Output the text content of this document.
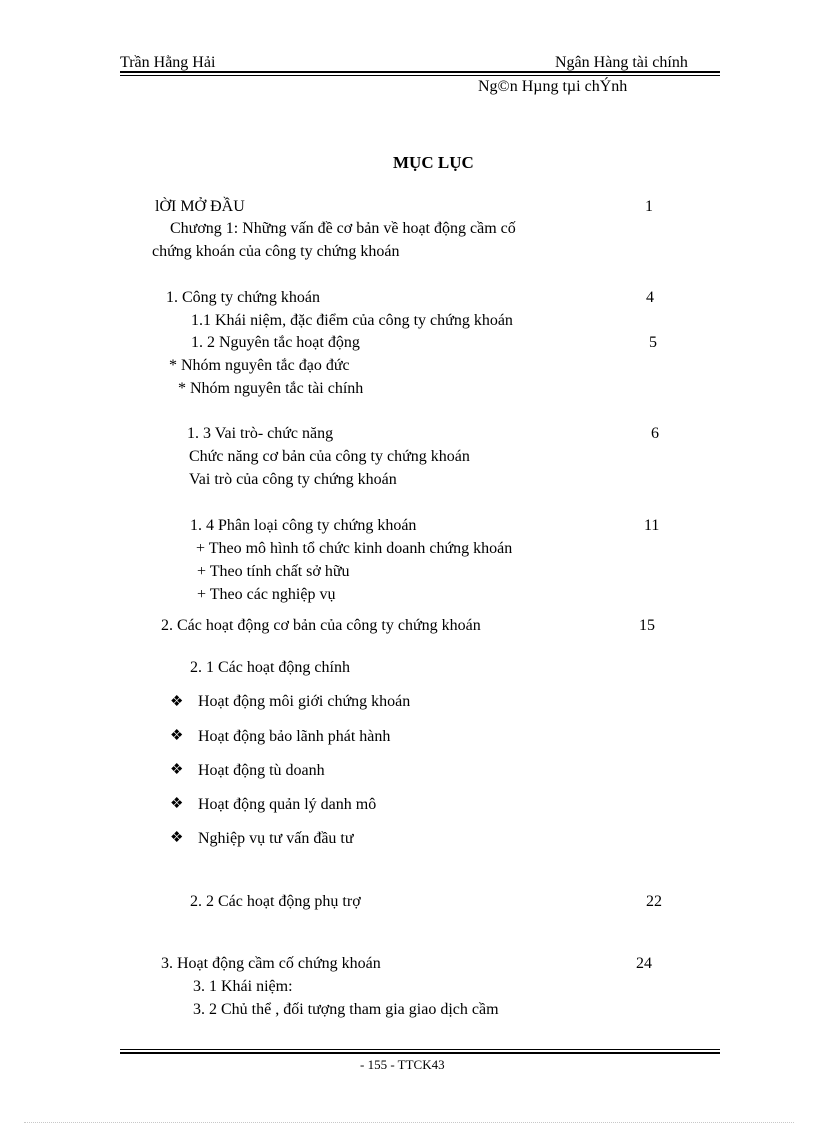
Trần Hằng Hải	Ngân Hàng tài chính
Ng©n Hµng tµi chÝnh
MỤC LỤC
lỜI MỞ ĐẦU	1
Chương 1: Những vấn đề cơ bản về hoạt động cầm cố
chứng khoán của công ty chứng khoán
1. Công ty chứng khoán	4
1.1 Khái niệm, đặc điểm của công ty chứng khoán
1. 2 Nguyên tắc hoạt động	5
* Nhóm nguyên tắc đạo đức
* Nhóm nguyên tắc tài chính
1. 3 Vai trò- chức năng	6
Chức năng cơ bản của công ty chứng khoán
Vai trò của công ty chứng khoán
1. 4 Phân loại công ty chứng khoán	11
+ Theo mô hình tổ chức kinh doanh chứng khoán
+ Theo tính chất sở hữu
+ Theo các nghiệp vụ
2. Các hoạt động cơ bản của công ty chứng khoán	15
2. 1 Các hoạt động chính
❖ Hoạt động môi giới chứng khoán
❖ Hoạt động bảo lãnh phát hành
❖ Hoạt động tù doanh
❖ Hoạt động quản lý danh mô
❖ Nghiệp vụ tư vấn đầu tư
2. 2 Các hoạt động phụ trợ	22
3. Hoạt động cầm cố chứng khoán	24
3. 1 Khái niệm:
3. 2 Chủ thể , đối tượng tham gia giao dịch cầm
- 155 - TTCK43
